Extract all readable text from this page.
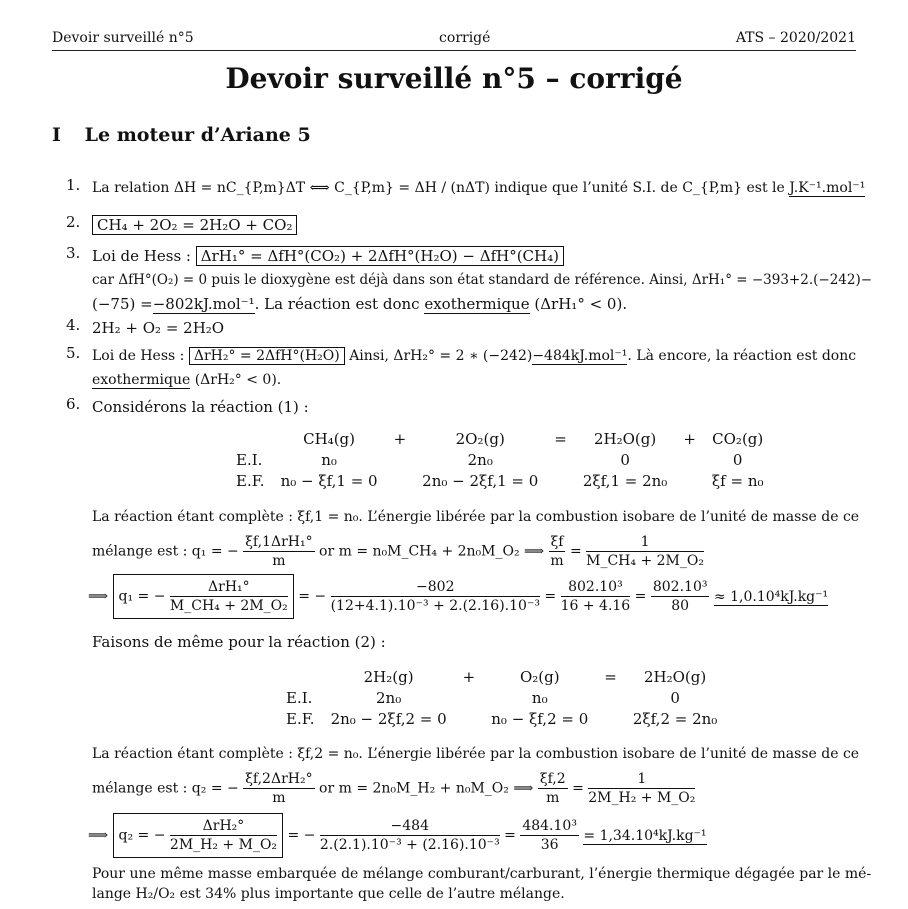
Devoir surveillé n°5	corrigé	ATS – 2020/2021
Devoir surveillé n°5 – corrigé
I Le moteur d’Ariane 5
1. La relation ΔH = nC_{P,m}ΔT ⟺ C_{P,m} = ΔH / (nΔT) indique que l’unité S.I. de C_{P,m} est le J.K⁻¹.mol⁻¹
2.	CH₄ + 2O₂ = 2H₂O + CO₂
3. Loi de Hess : ΔrH₁° = ΔfH°(CO₂) + 2ΔfH°(H₂O) − ΔfH°(CH₄)
car ΔfH°(O₂) = 0 puis le dioxygène est déjà dans son état standard de référence. Ainsi, ΔrH₁° = −393+2.(−242)−
(−75) =−802kJ.mol⁻¹. La réaction est donc exothermique (ΔrH₁° < 0).
4. 2H₂ + O₂ = 2H₂O
5. Loi de Hess : ΔrH₂° = 2ΔfH°(H₂O) Ainsi, ΔrH₂° = 2 ∗ (−242)−484kJ.mol⁻¹. Là encore, la réaction est donc
exothermique (ΔrH₂° < 0).
6. Considérons la réaction (1) :
	CH₄(g)	+	2O₂(g)	=	2H₂O(g)	+	CO₂(g)
E.I.	n₀		2n₀		0		0
E.F.	n₀ − ξf,1 = 0		2n₀ − 2ξf,1 = 0		2ξf,1 = 2n₀		ξf = n₀
La réaction étant complète : ξf,1 = n₀. L’énergie libérée par la combustion isobare de l’unité de masse de ce
mélange est : q₁ = − $\frac{\text{ξf,1ΔrH₁°}}{m}$ or m = n₀M_CH₄ + 2n₀M_O₂ ⟹ $\frac{\xi f}{m} = \frac{1}{\text{M\_CH₄ + 2M\_O₂}}$
⟹ q₁ = − $\frac{\text{ΔrH₁°}}{\text{M\_CH₄ + 2M\_O₂}}$ = − $\frac{-802}{\text{(12+4.1).10⁻³ + 2.(2.16).10⁻³}} = \frac{\text{802.10³}}{16 + 4.16} = \frac{\text{802.10³}}{80} \approx 1,0.10^4kJ.kg^{-1}$
Faisons de même pour la réaction (2) :
	2H₂(g)	+	O₂(g)	=	2H₂O(g)
E.I.	2n₀		n₀		0
E.F.	2n₀ − 2ξf,2 = 0		n₀ − ξf,2 = 0		2ξf,2 = 2n₀
La réaction étant complète : ξf,2 = n₀. L’énergie libérée par la combustion isobare de l’unité de masse de ce
mélange est : q₂ = − $\frac{\text{ξf,2ΔrH₂°}}{m}$ or m = 2n₀M_H₂ + n₀M_O₂ ⟹ $\frac{\xi f,2}{m} = \frac{1}{\text{2M\_H₂ + M\_O₂}}$
⟹ q₂ = − $\frac{\text{ΔrH₂°}}{\text{2M\_H₂ + M\_O₂}}$ = − $\frac{-484}{\text{2.(2.1).10⁻³ + (2.16).10⁻³}} = \frac{\text{484.10³}}{36} = 1,34.10^4kJ.kg^{-1}$
Pour une même masse embarquée de mélange comburant/carburant, l’énergie thermique dégagée par le mé-
lange H₂/O₂ est 34% plus importante que celle de l’autre mélange.
